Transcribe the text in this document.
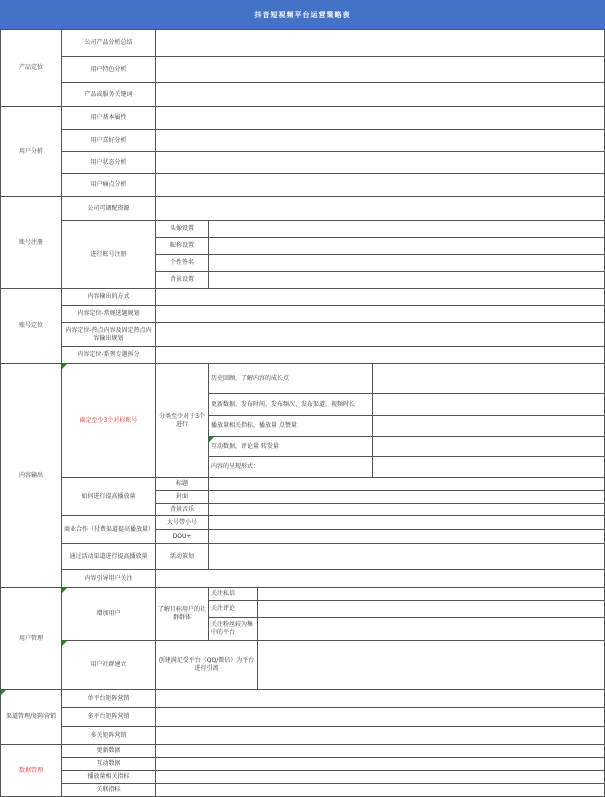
抖音短视频平台运营策略表
产品定位
公司产品分析总结
用户特色分析
产品或服务关键词
用户分析
用户基本属性
用户喜好分析
用户状态分析
用户痛点分析
账号注册
公司可调配资源
进行账号注册
头像设置
昵称设置
个性签名
背景设置
账号定位
内容输出的方式
内容定位-常规选题规划
内容定位-热点内容及固定热点内容输出规划
内容定位-系列专题拆分
内容输出
确定至少3个对标账号
分类至少对于3个进行
历史回顾，了解内容的成长点
更新数据，发布时间、发布频次、发布渠道，视频时长
播放量相关指标，播放量 点赞量
互动数据，评论量 转发量
内容的呈现形式：
如何进行提高播放量
标题
封面
背景音乐
商业合作（付费渠道提高播放量）
大号带小号
DOU+
通过活动渠道进行提高播放量	活动策划
内容引导用户关注
用户管理
增加用户
了解目标用户的社群群体
关注私信
关注评论
关注粉丝较为集中的平台
用户社群建立
创建满足受平台（QQ/微信）为平台进行引流
渠道管理/矩阵营销
单平台矩阵营销
多平台矩阵营销
多关矩阵营销
数据管理
更新数据
互动数据
播放量相关指标
关联指标
